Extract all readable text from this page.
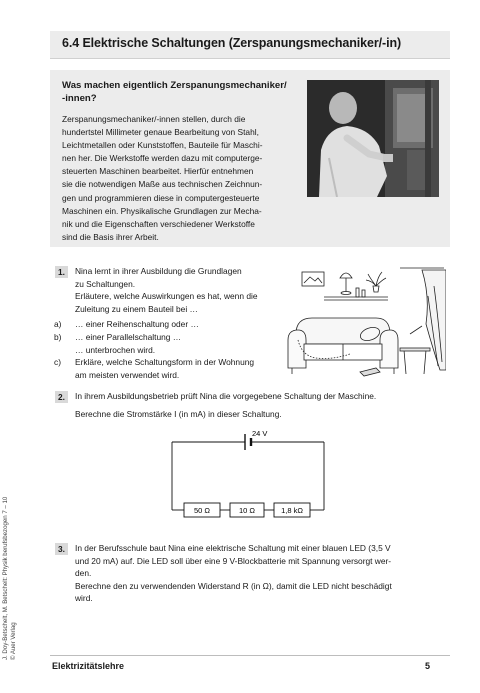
6.4 Elektrische Schaltungen (Zerspanungsmechaniker/-in)
Was machen eigentlich Zerspanungsmechaniker/
-innen?
Zerspanungsmechaniker/-innen stellen, durch die
hundertstel Millimeter genaue Bearbeitung von Stahl,
Leichtmetallen oder Kunststoffen, Bauteile für Maschi-
nen her. Die Werkstoffe werden dazu mit computerge-
steuerten Maschinen bearbeitet. Hierfür entnehmen
sie die notwendigen Maße aus technischen Zeichnun-
gen und programmieren diese in computergesteuerte
Maschinen ein. Physikalische Grundlagen zur Mecha-
nik und die Eigenschaften verschiedener Werkstoffe
sind die Basis ihrer Arbeit.
1.	Nina lernt in ihrer Ausbildung die Grundlagen
zu Schaltungen.
Erläutere, welche Auswirkungen es hat, wenn die
Zuleitung zu einem Bauteil bei …
a) … einer Reihenschaltung oder …
b) … einer Parallelschaltung …
… unterbrochen wird.
c) Erkläre, welche Schaltungsform in der Wohnung
am meisten verwendet wird.
2.	In ihrem Ausbildungsbetrieb prüft Nina die vorgegebene Schaltung der Maschine.
Berechne die Stromstärke I (in mA) in dieser Schaltung.
24 V
50 Ω	10 Ω	1,8 kΩ
3.	In der Berufsschule baut Nina eine elektrische Schaltung mit einer blauen LED (3,5 V
und 20 mA) auf. Die LED soll über eine 9 V-Blockbatterie mit Spannung versorgt wer-
den.
Berechne den zu verwendenden Widerstand R (in Ω), damit die LED nicht beschädigt
wird.
J. Doy-Betschelt, M. Betschelt: Physik berufsbezogen 7 – 10 © Auer Verlag
Elektrizitätslehre	5
